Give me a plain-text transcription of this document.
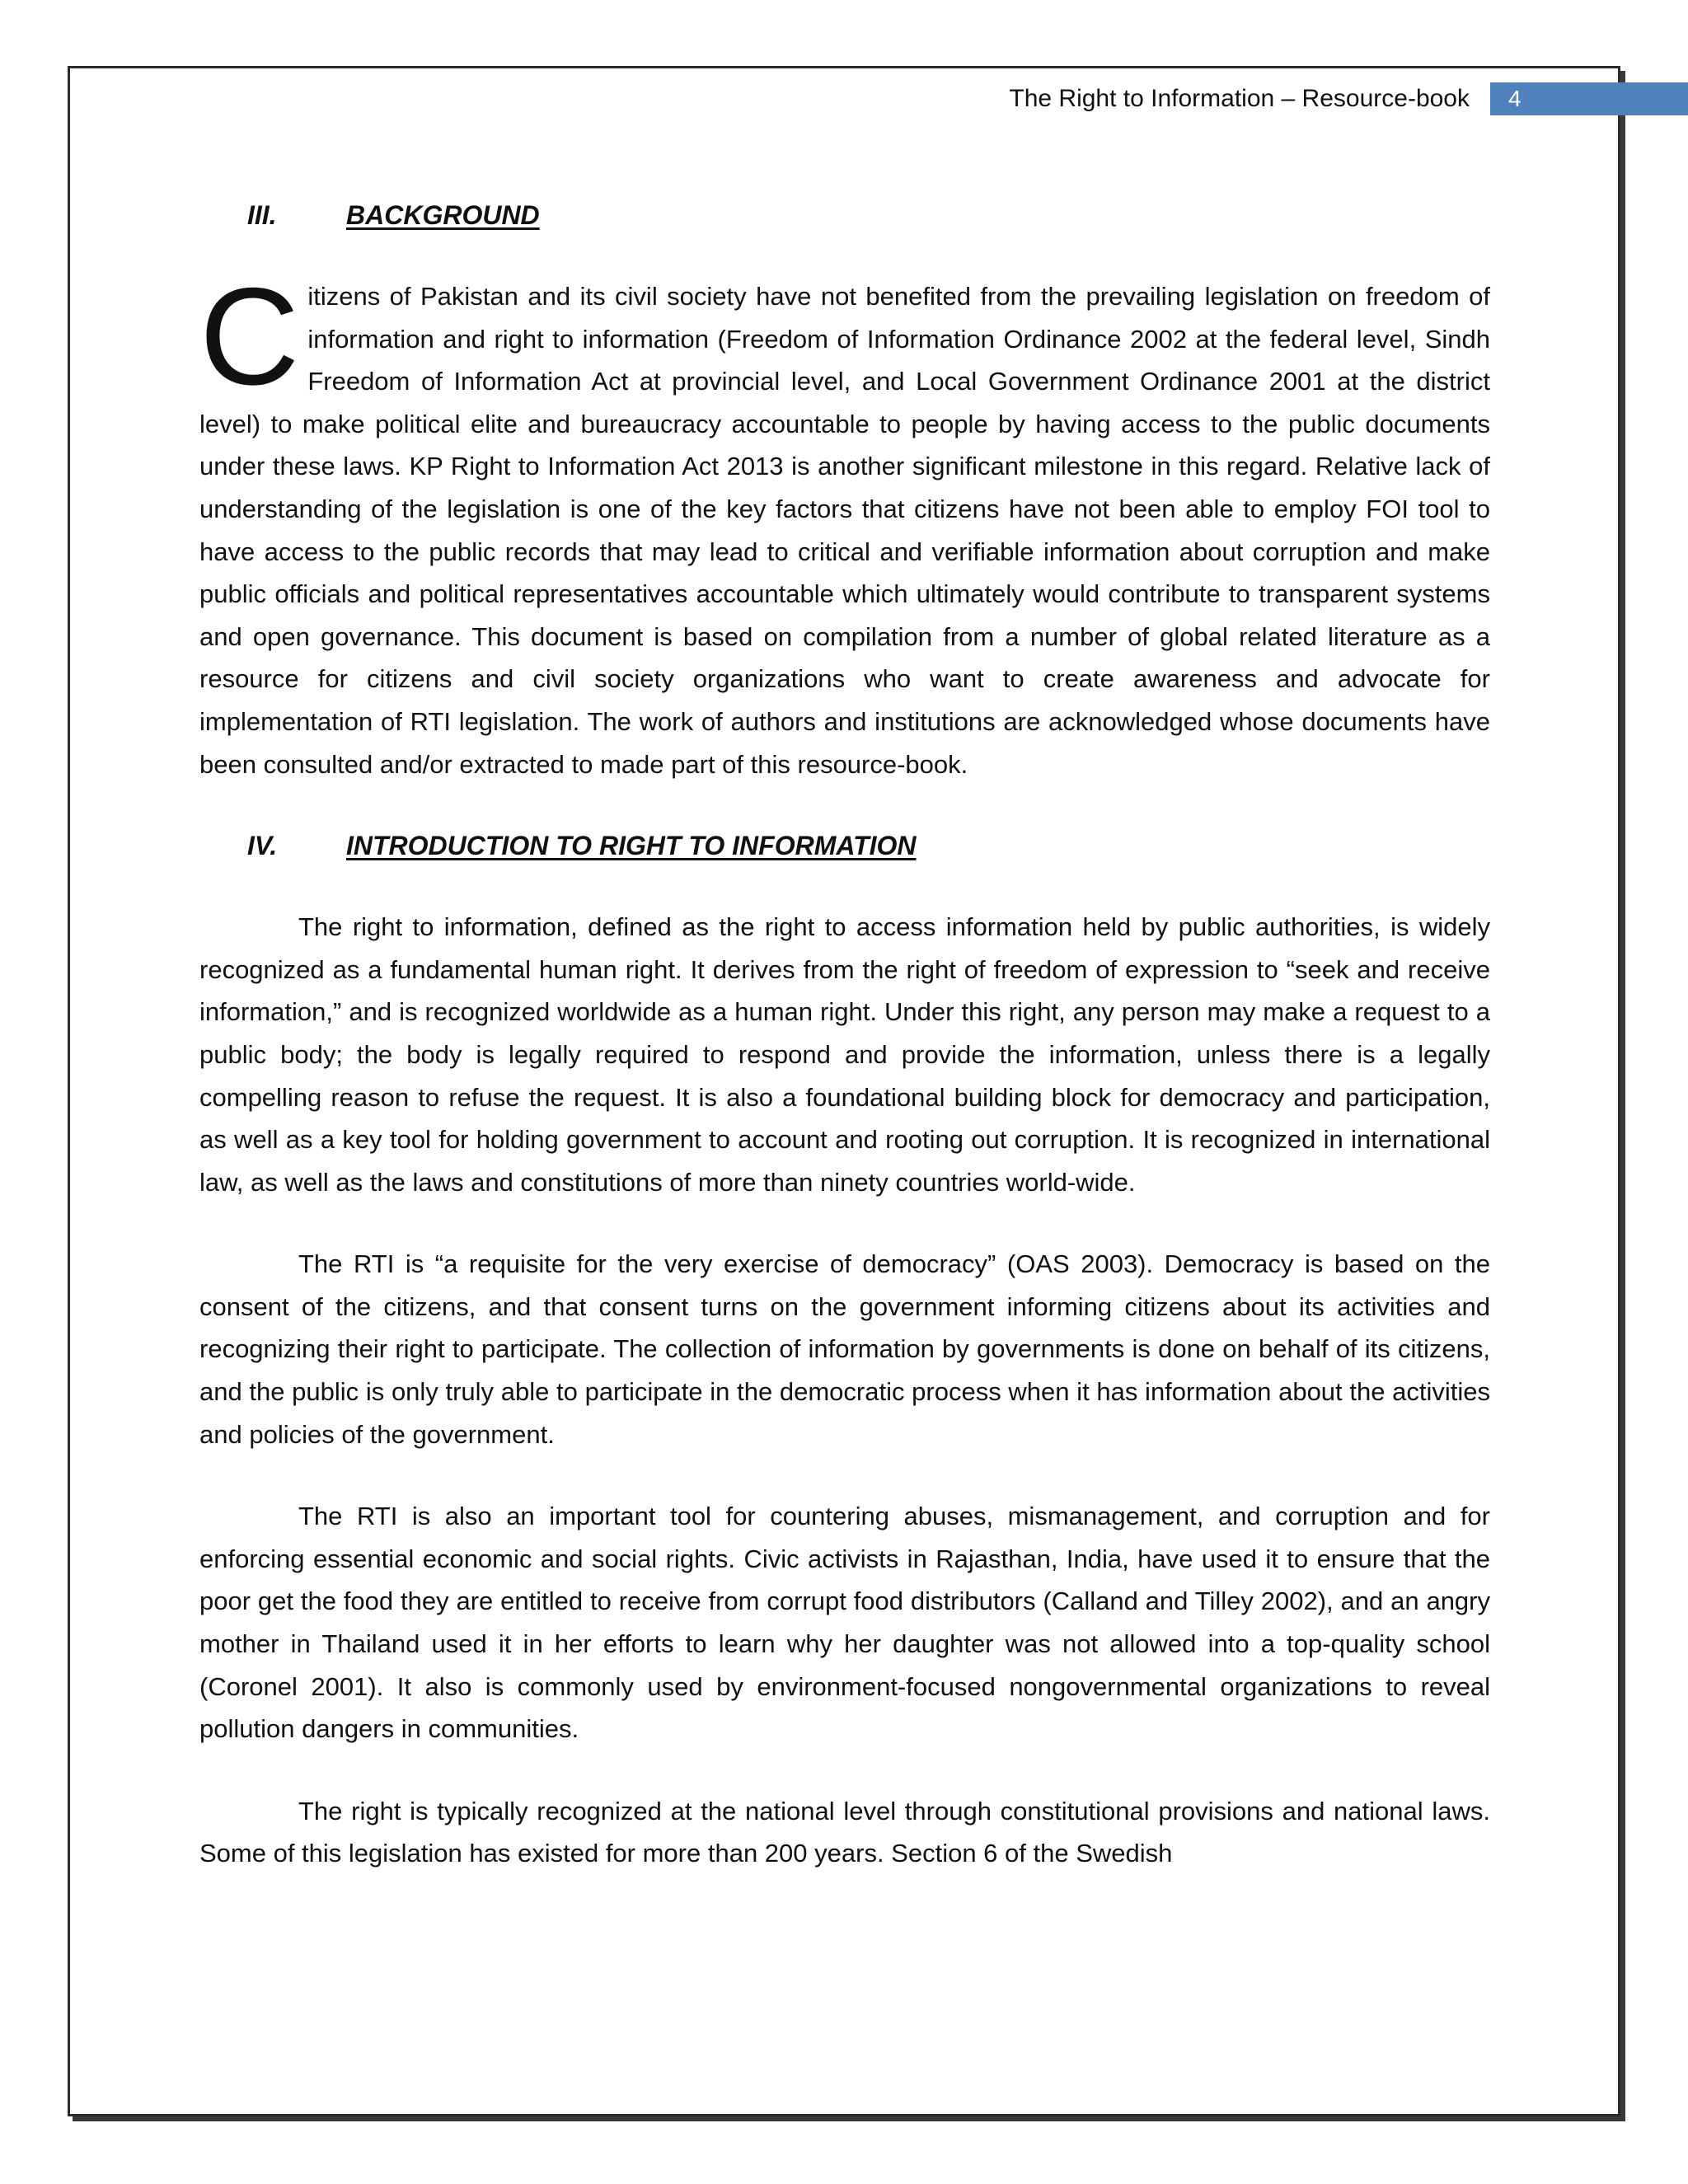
The Right to Information – Resource-book 4
III.	BACKGROUND

Citizens of Pakistan and its civil society have not benefited from the prevailing legislation on freedom of information and right to information (Freedom of Information Ordinance 2002 at the federal level, Sindh Freedom of Information Act at provincial level, and Local Government Ordinance 2001 at the district level) to make political elite and bureaucracy accountable to people by having access to the public documents under these laws. KP Right to Information Act 2013 is another significant milestone in this regard. Relative lack of understanding of the legislation is one of the key factors that citizens have not been able to employ FOI tool to have access to the public records that may lead to critical and verifiable information about corruption and make public officials and political representatives accountable which ultimately would contribute to transparent systems and open governance. This document is based on compilation from a number of global related literature as a resource for citizens and civil society organizations who want to create awareness and advocate for implementation of RTI legislation. The work of authors and institutions are acknowledged whose documents have been consulted and/or extracted to made part of this resource-book.

IV.	INTRODUCTION TO RIGHT TO INFORMATION

The right to information, defined as the right to access information held by public authorities, is widely recognized as a fundamental human right. It derives from the right of freedom of expression to “seek and receive information,” and is recognized worldwide as a human right. Under this right, any person may make a request to a public body; the body is legally required to respond and provide the information, unless there is a legally compelling reason to refuse the request. It is also a foundational building block for democracy and participation, as well as a key tool for holding government to account and rooting out corruption. It is recognized in international law, as well as the laws and constitutions of more than ninety countries world-wide.

The RTI is “a requisite for the very exercise of democracy” (OAS 2003). Democracy is based on the consent of the citizens, and that consent turns on the government informing citizens about its activities and recognizing their right to participate. The collection of information by governments is done on behalf of its citizens, and the public is only truly able to participate in the democratic process when it has information about the activities and policies of the government.

The RTI is also an important tool for countering abuses, mismanagement, and corruption and for enforcing essential economic and social rights. Civic activists in Rajasthan, India, have used it to ensure that the poor get the food they are entitled to receive from corrupt food distributors (Calland and Tilley 2002), and an angry mother in Thailand used it in her efforts to learn why her daughter was not allowed into a top-quality school (Coronel 2001). It also is commonly used by environment-focused nongovernmental organizations to reveal pollution dangers in communities.

The right is typically recognized at the national level through constitutional provisions and national laws. Some of this legislation has existed for more than 200 years. Section 6 of the Swedish
